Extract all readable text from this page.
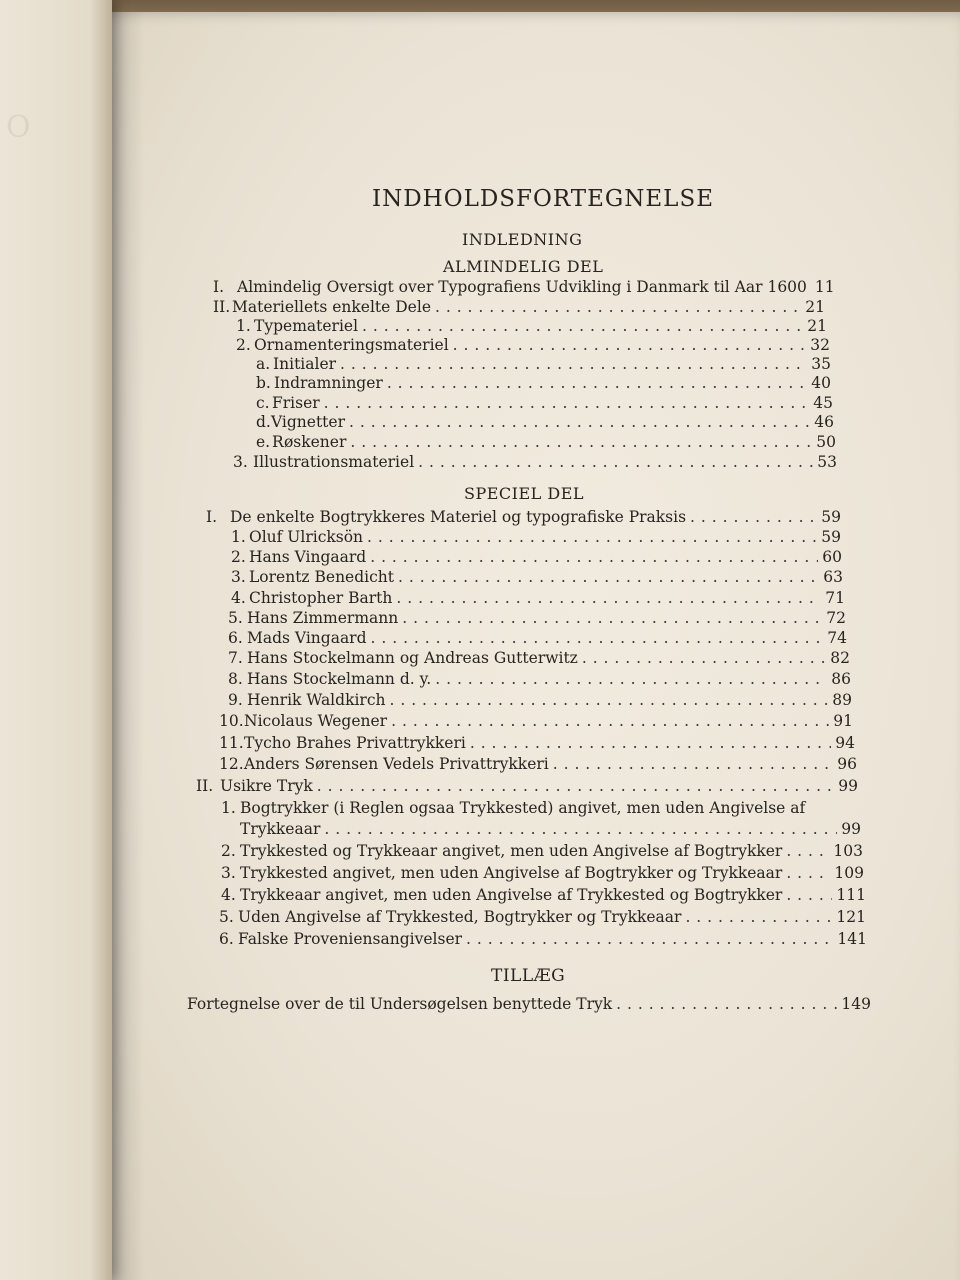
O
INDHOLDSFORTEGNELSE
INDLEDNING
ALMINDELIG DEL
I. Almindelig Oversigt over Typografiens Udvikling i Danmark til Aar 1600 11
II. Materiellets enkelte Dele . . .	21
1. Typemateriel . . .	21
2. Ornamenteringsmateriel . . .	32
a. Initialer . . .	35
b. Indramninger . . .	40
c. Friser . . .	45
d. Vignetter . . .	46
e. Røskener . . .	50
3. Illustrationsmateriel . . .	53
SPECIEL DEL
I. De enkelte Bogtrykkeres Materiel og typografiske Praksis . . .	59
1. Oluf Ulricksön . . .	59
2. Hans Vingaard . . .	60
3. Lorentz Benedicht . . .	63
4. Christopher Barth . . .	71
5. Hans Zimmermann . . .	72
6. Mads Vingaard . . .	74
7. Hans Stockelmann og Andreas Gutterwitz . . .	82
8. Hans Stockelmann d. y. . . .	86
9. Henrik Waldkirch . . .	89
10. Nicolaus Wegener . . .	91
11. Tycho Brahes Privattrykkeri . . .	94
12. Anders Sørensen Vedels Privattrykkeri . . .	96
II. Usikre Tryk . . .	99
1. Bogtrykker (i Reglen ogsaa Trykkested) angivet, men uden Angivelse af
Trykkeaar . . .	99
2. Trykkested og Trykkeaar angivet, men uden Angivelse af Bogtrykker . . .	103
3. Trykkested angivet, men uden Angivelse af Bogtrykker og Trykkeaar . . .	109
4. Trykkeaar angivet, men uden Angivelse af Trykkested og Bogtrykker . . .	111
5. Uden Angivelse af Trykkested, Bogtrykker og Trykkeaar . . .	121
6. Falske Proveniensangivelser . . .	141
TILLÆG
Fortegnelse over de til Undersøgelsen benyttede Tryk . . .	149
